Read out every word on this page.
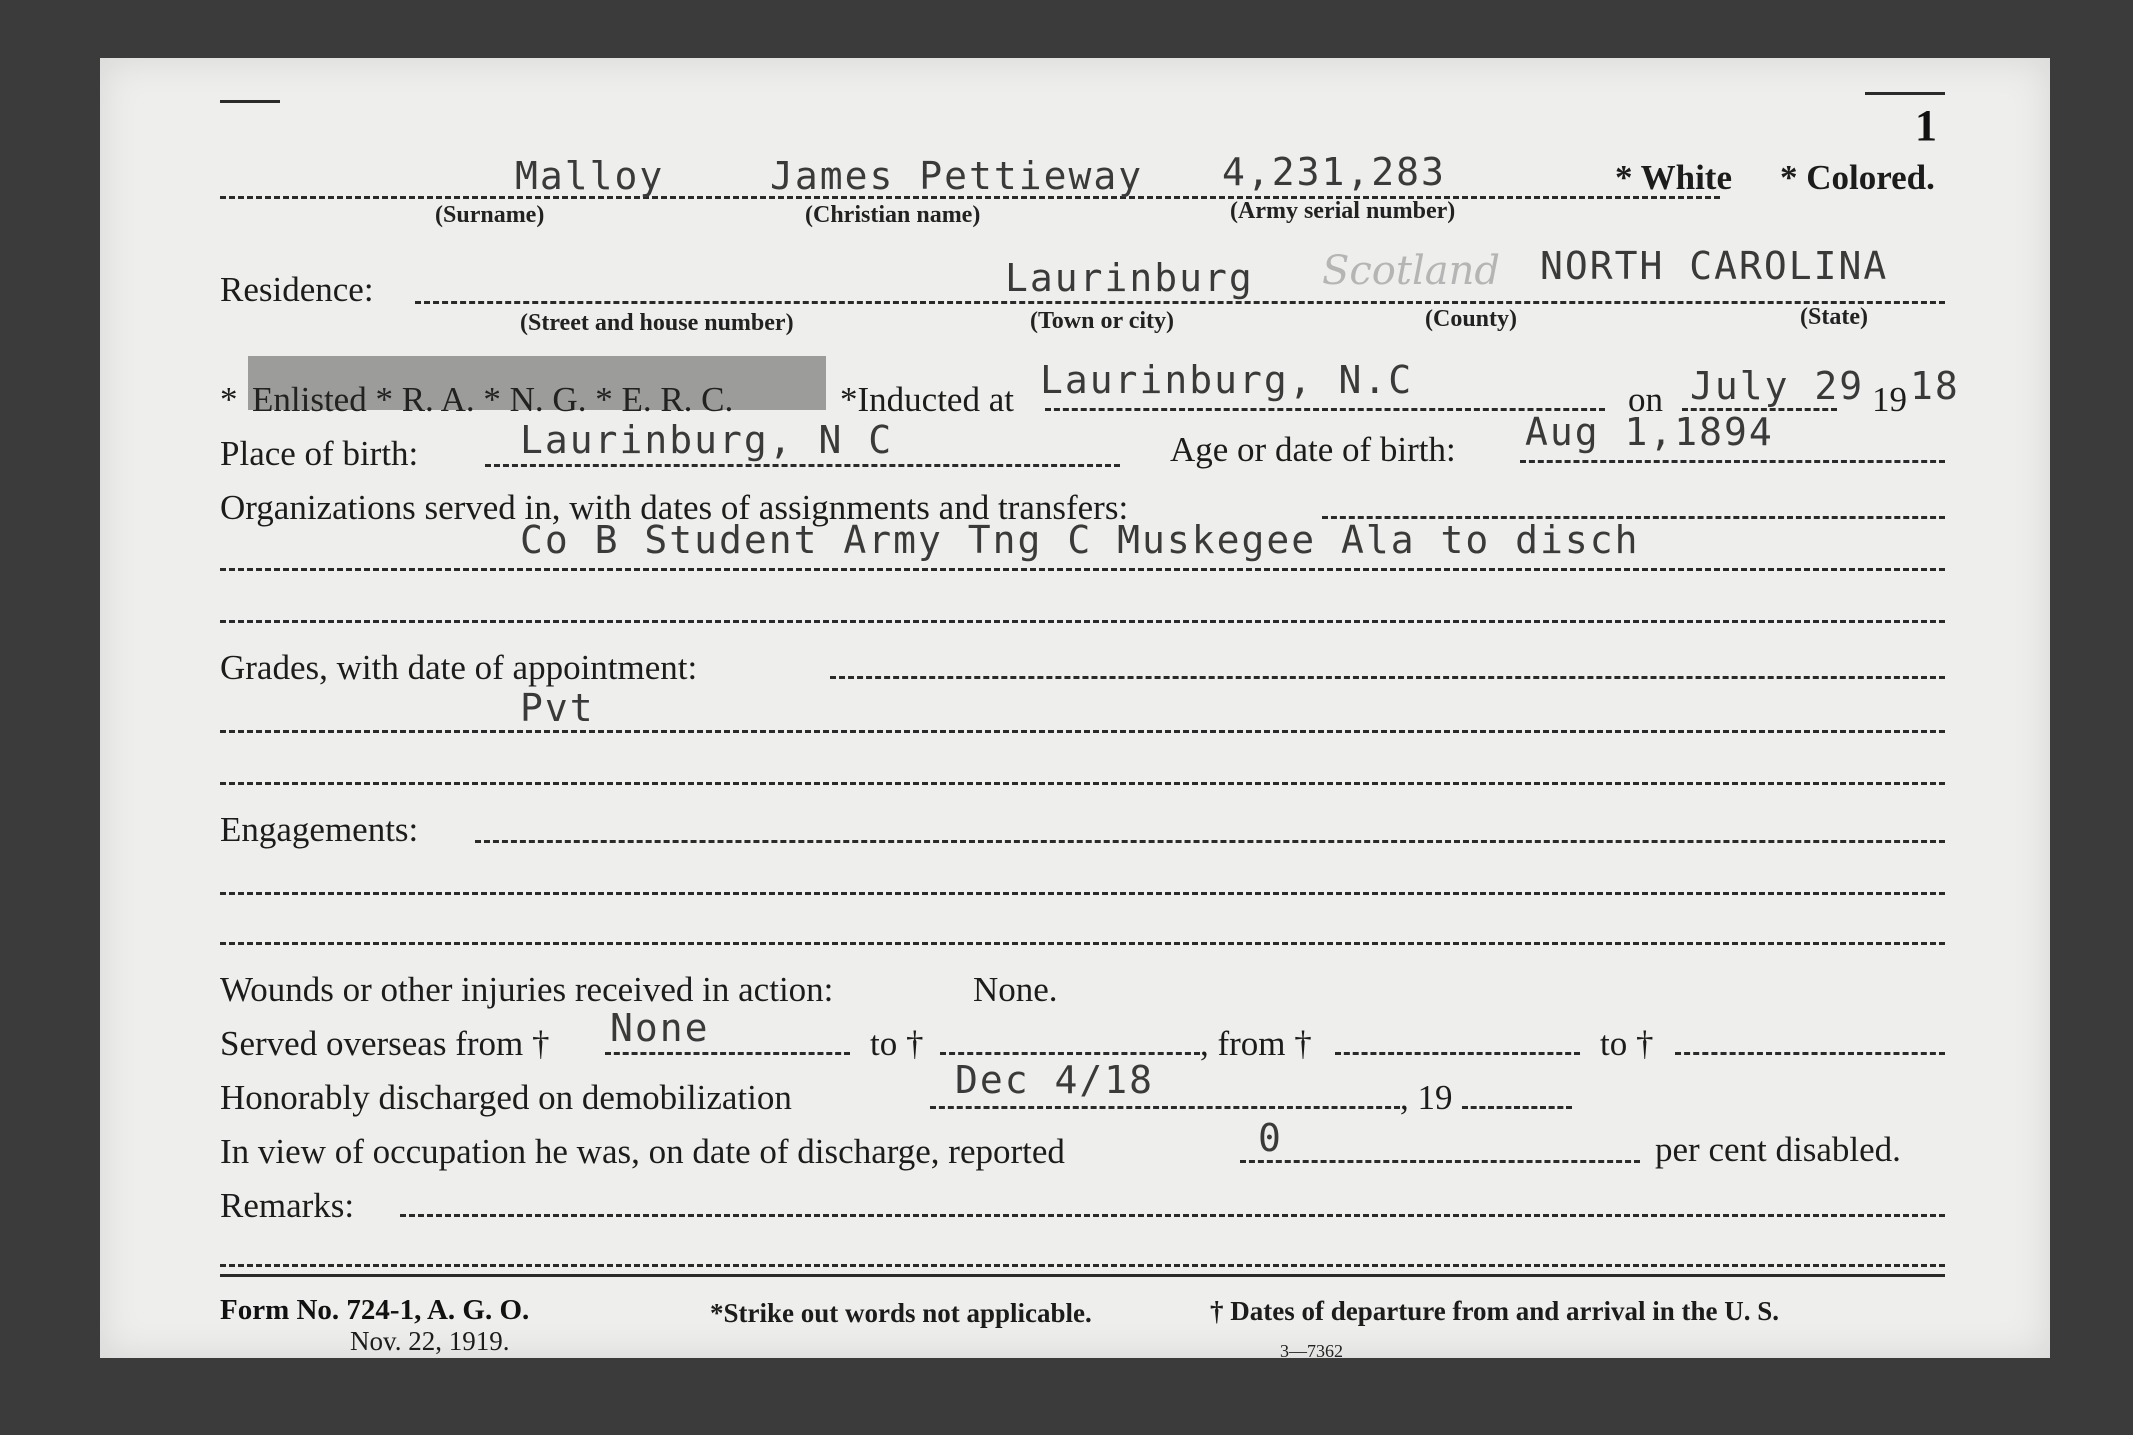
1
Malloy	James Pettieway 4,231,283	* White * Colored.
(Surname)	(Christian name)	(Army serial number)
Residence:	Laurinburg Scotland NORTH CAROLINA
(Street and house number)	(Town or city)	(County)	(State)
* Enlisted * R. A. * N. G. * E. R. C.	*Inducted at Laurinburg, N.C	on July 29 19 18
Place of birth:	Laurinburg, N C	Age or date of birth: Aug 1,1894
Organizations served in, with dates of assignments and transfers:
Co B Student Army Tng C Muskegee Ala to disch
Grades, with date of appointment:
Pvt
Engagements:
Wounds or other injuries received in action:	None.
Served overseas from † None	to †	, from †	to †
Honorably discharged on demobilization	Dec 4/18	, 19
In view of occupation he was, on date of discharge, reported	0	per cent disabled.
Remarks:
Form No. 724-1, A. G. O.
Nov. 22, 1919.
*Strike out words not applicable.	† Dates of departure from and arrival in the U. S.
3—7362
